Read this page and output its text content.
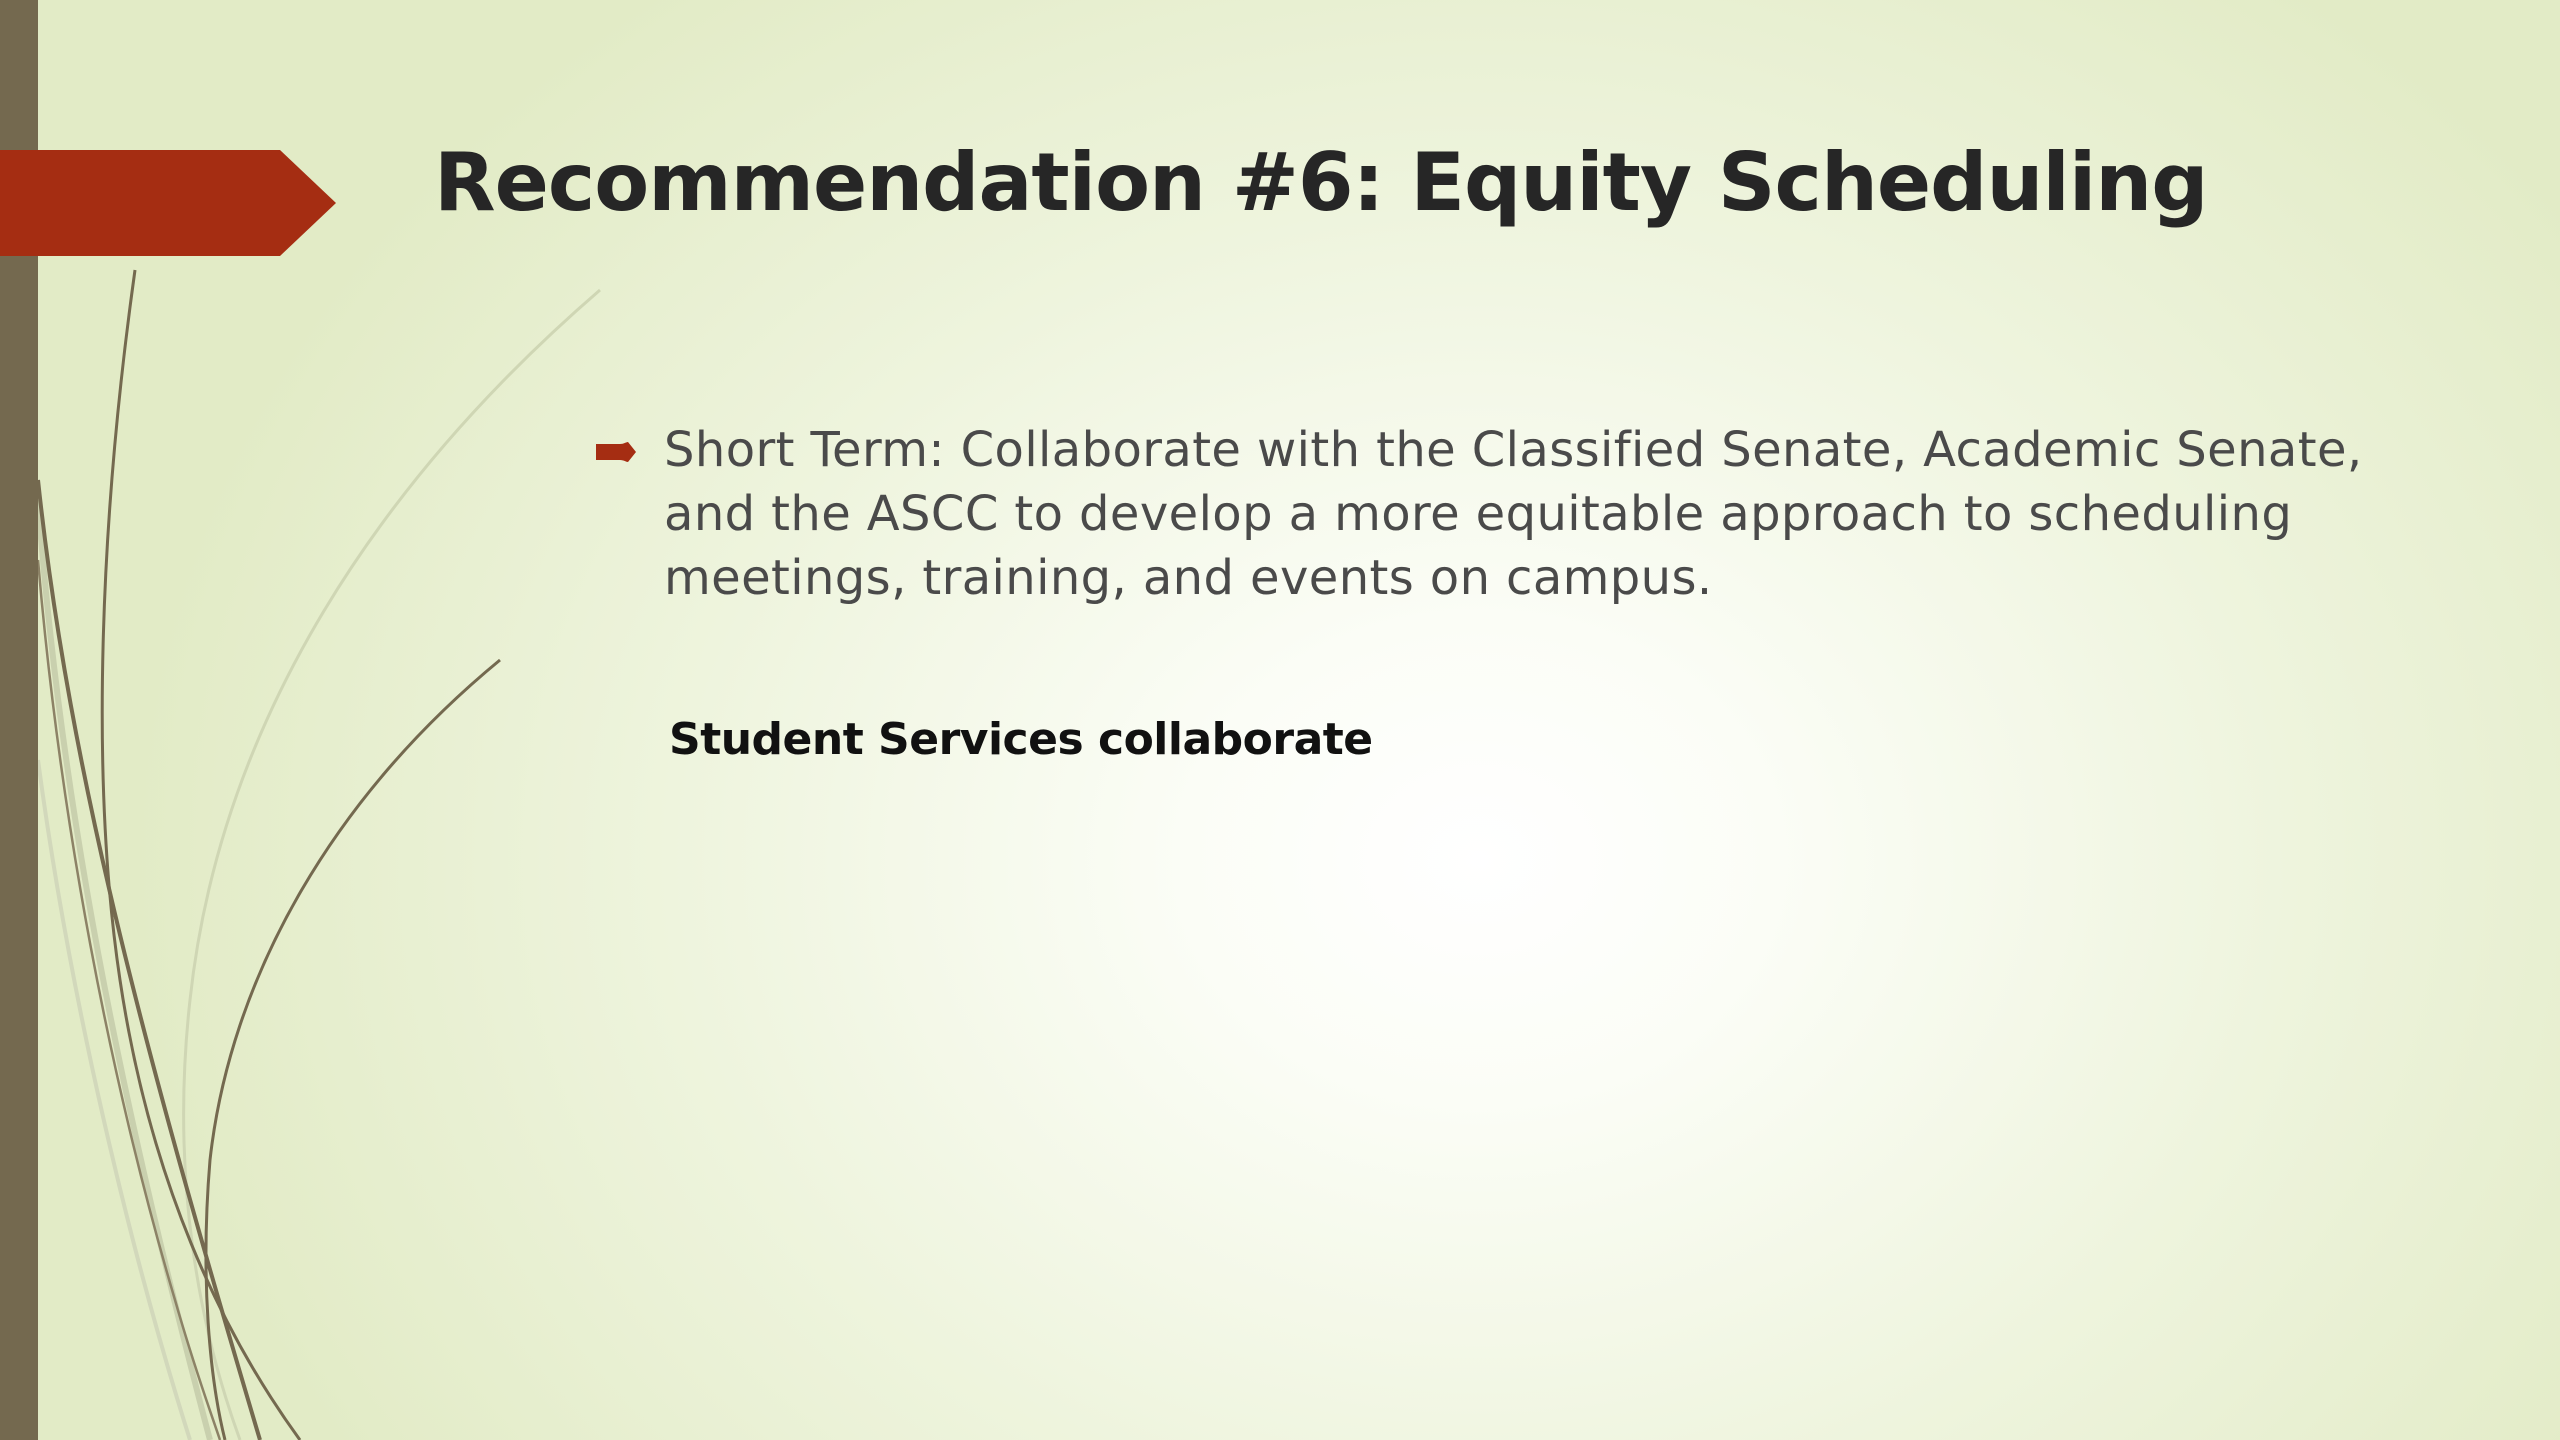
Recommendation #6: Equity Scheduling

Short Term: Collaborate with the Classified Senate, Academic Senate, and the ASCC to develop a more equitable approach to scheduling meetings, training, and events on campus.

Student Services collaborate
